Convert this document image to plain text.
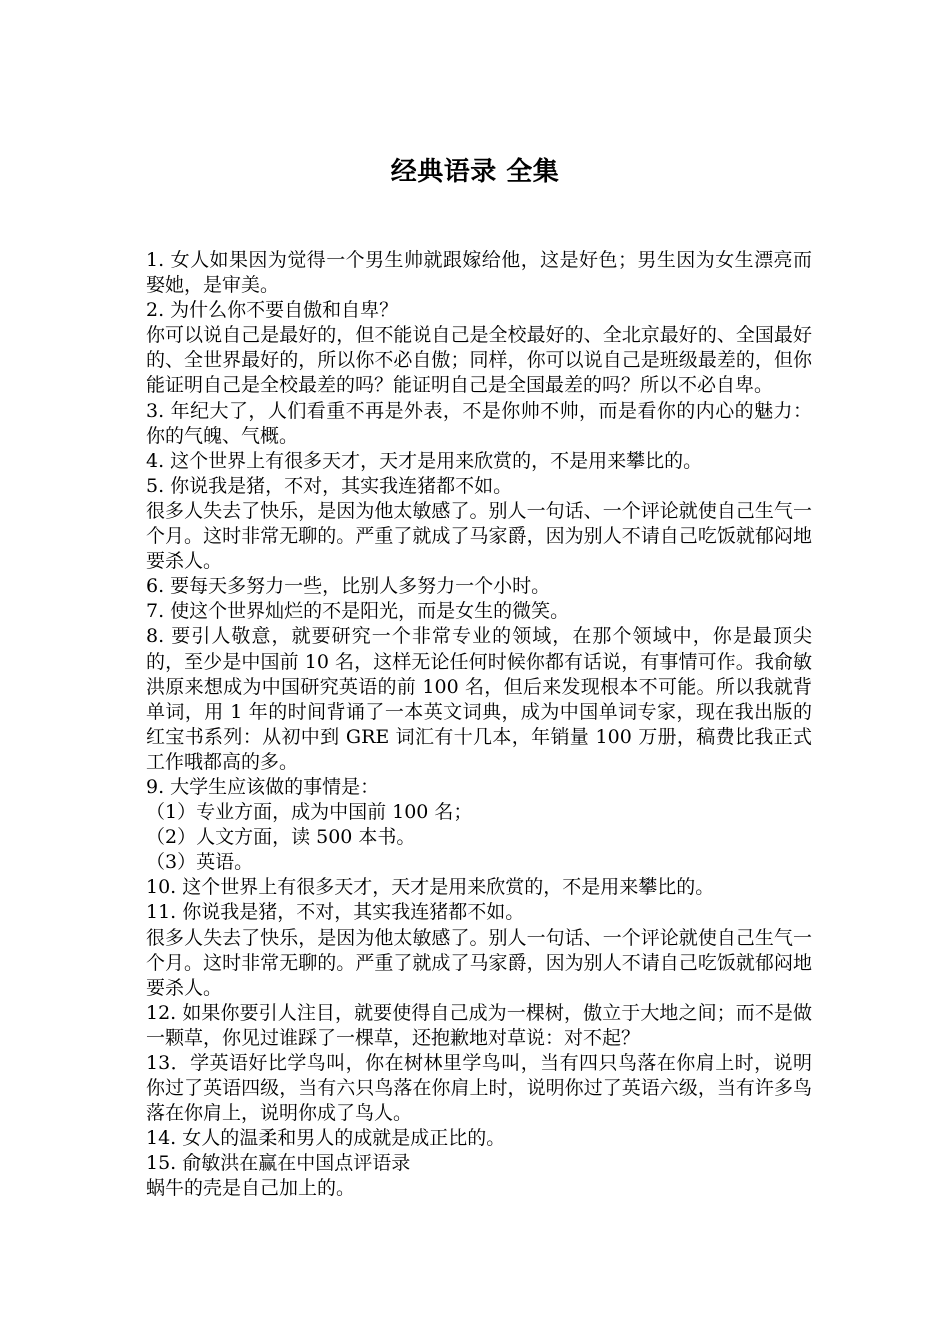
经典语录 全集

1. 女人如果因为觉得一个男生帅就跟嫁给他，这是好色；男生因为女生漂亮而娶她，是审美。

2. 为什么你不要自傲和自卑？

你可以说自己是最好的，但不能说自己是全校最好的、全北京最好的、全国最好的、全世界最好的，所以你不必自傲；同样，你可以说自己是班级最差的，但你能证明自己是全校最差的吗？能证明自己是全国最差的吗？所以不必自卑。

3. 年纪大了，人们看重不再是外表，不是你帅不帅，而是看你的内心的魅力：你的气魄、气概。

4. 这个世界上有很多天才，天才是用来欣赏的，不是用来攀比的。

5. 你说我是猪，不对，其实我连猪都不如。

很多人失去了快乐，是因为他太敏感了。别人一句话、一个评论就使自己生气一个月。这时非常无聊的。严重了就成了马家爵，因为别人不请自己吃饭就郁闷地要杀人。

6. 要每天多努力一些，比别人多努力一个小时。

7. 使这个世界灿烂的不是阳光，而是女生的微笑。

8. 要引人敬意，就要研究一个非常专业的领域，在那个领域中，你是最顶尖的，至少是中国前 10 名，这样无论任何时候你都有话说，有事情可作。我俞敏洪原来想成为中国研究英语的前 100 名，但后来发现根本不可能。所以我就背单词，用 1 年的时间背诵了一本英文词典，成为中国单词专家，现在我出版的红宝书系列：从初中到 GRE 词汇有十几本，年销量 100 万册，稿费比我正式工作哦都高的多。

9. 大学生应该做的事情是：

（1）专业方面，成为中国前 100 名；

（2）人文方面，读 500 本书。

（3）英语。

10. 这个世界上有很多天才，天才是用来欣赏的，不是用来攀比的。

11. 你说我是猪，不对，其实我连猪都不如。

很多人失去了快乐，是因为他太敏感了。别人一句话、一个评论就使自己生气一个月。这时非常无聊的。严重了就成了马家爵，因为别人不请自己吃饭就郁闷地要杀人。

12. 如果你要引人注目，就要使得自己成为一棵树，傲立于大地之间；而不是做一颗草，你见过谁踩了一棵草，还抱歉地对草说：对不起？

13．学英语好比学鸟叫，你在树林里学鸟叫，当有四只鸟落在你肩上时，说明你过了英语四级，当有六只鸟落在你肩上时，说明你过了英语六级，当有许多鸟落在你肩上，说明你成了鸟人。

14. 女人的温柔和男人的成就是成正比的。

15. 俞敏洪在赢在中国点评语录

蜗牛的壳是自己加上的。
